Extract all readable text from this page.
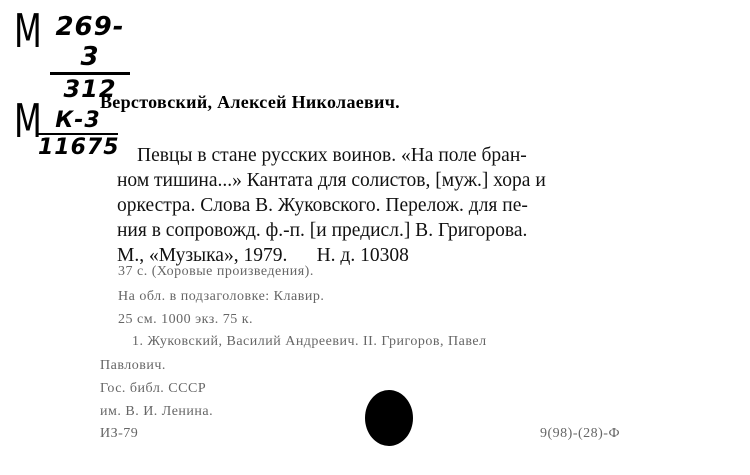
М 269-3
312
М К-3
11675
Верстовский, Алексей Николаевич.
Певцы в стане русских воинов. «На поле бран-
ном тишина...» Кантата для солистов, [муж.] хора и
оркестра. Слова В. Жуковского. Перелож. для пе-
ния в сопровожд. ф.-п. [и предисл.] В. Григорова.
М., «Музыка», 1979.      Н. д. 10308
37 с. (Хоровые произведения).
На обл. в подзаголовке: Клавир.
25 см. 1000 экз. 75 к.
1. Жуковский, Василий Андреевич. II. Григоров, Павел
Павлович.
Гос. библ. СССР
им. В. И. Ленина.
ИЗ-79	9(98)-(28)-Ф
